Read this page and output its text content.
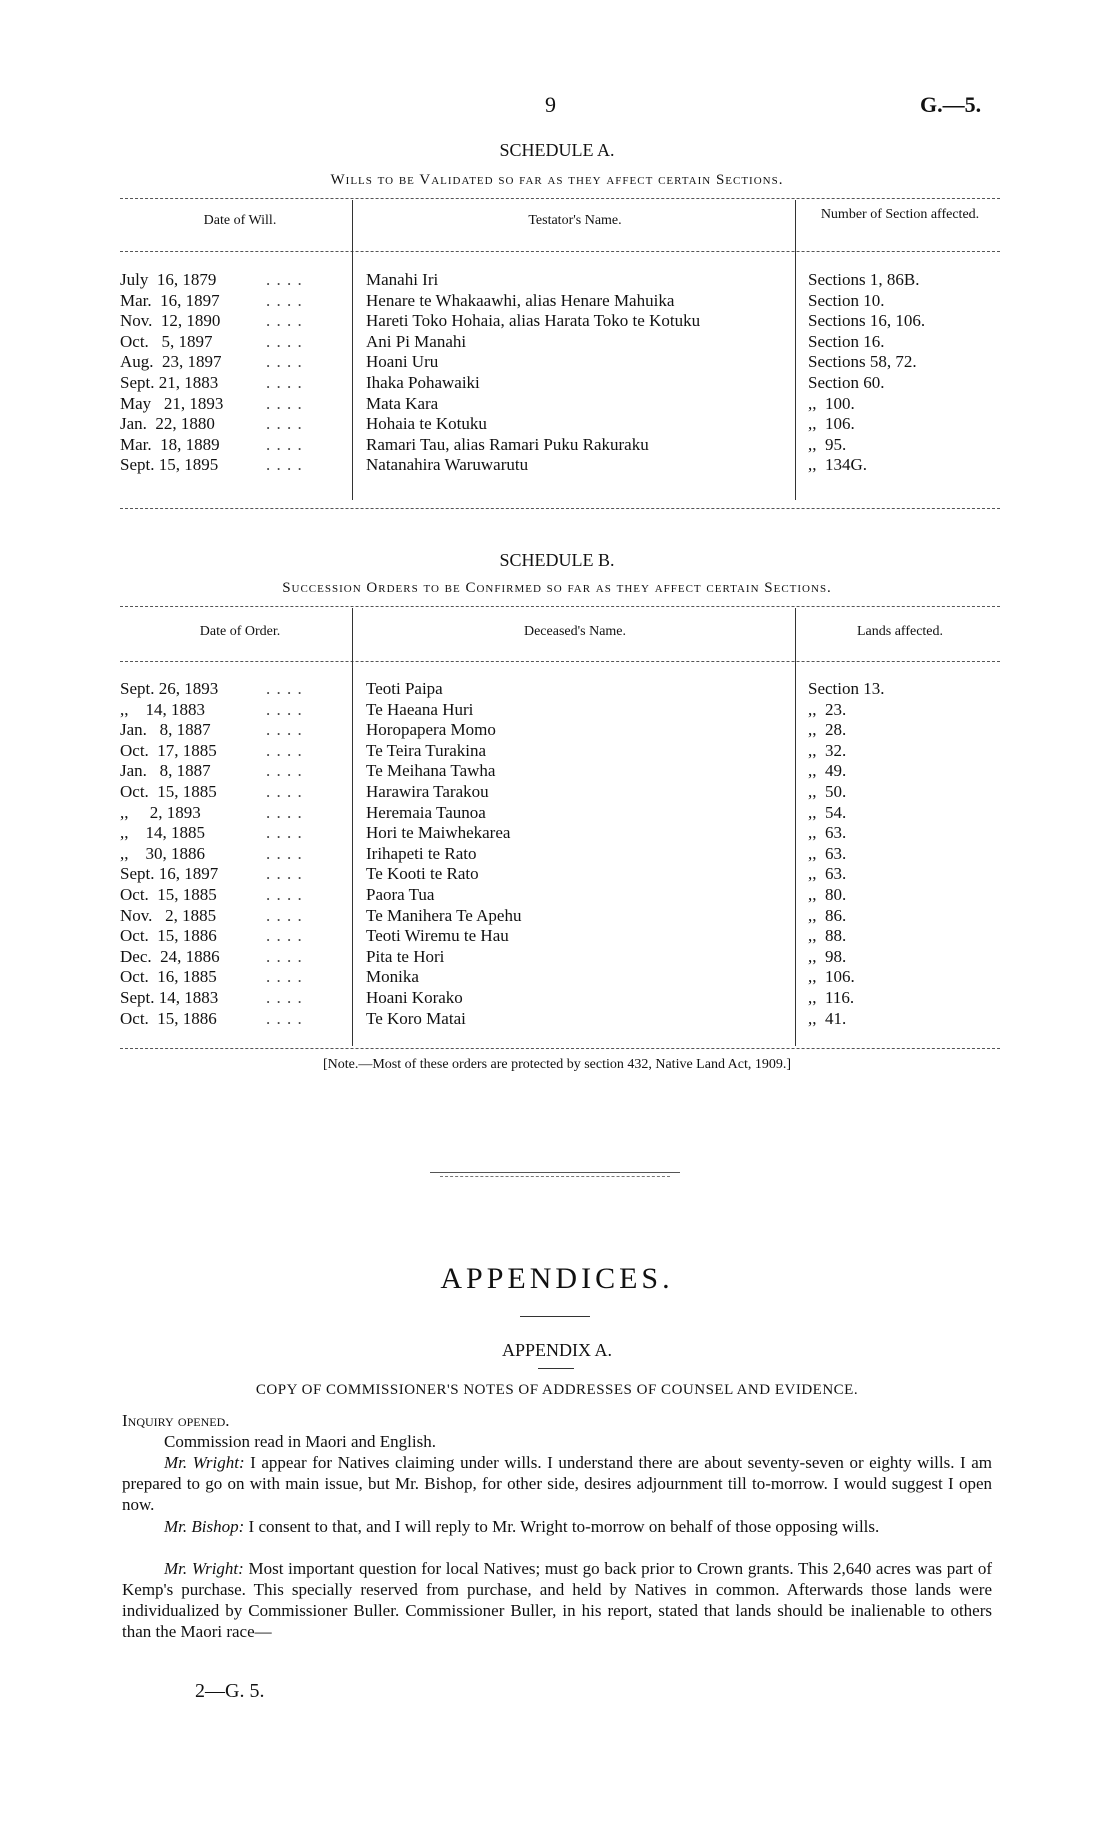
9	G.—5.
SCHEDULE A.
Wills to be Validated so far as they affect certain Sections.
Date of Will.	Testator's Name.	Number of Section affected.
July  16, 1879	Manahi Iri	Sections 1, 86B.
. . . .
Mar.  16, 1897	Henare te Whakaawhi, alias Henare Mahuika	Section 10.
. . . .
Nov.  12, 1890	Hareti Toko Hohaia, alias Harata Toko te Kotuku	Sections 16, 106.
. . . .
Oct.   5, 1897	Ani Pi Manahi	Section 16.
. . . .
Aug.  23, 1897	Hoani Uru	Sections 58, 72.
. . . .
Sept. 21, 1883	Ihaka Pohawaiki	Section 60.
. . . .
May   21, 1893	Mata Kara	,,  100.
. . . .
Jan.  22, 1880	Hohaia te Kotuku	,,  106.
. . . .
Mar.  18, 1889	Ramari Tau, alias Ramari Puku Rakuraku	,,  95.
. . . .
Sept. 15, 1895	Natanahira Waruwarutu	,,  134G.
. . . .
SCHEDULE B.
Succession Orders to be Confirmed so far as they affect certain Sections.
Date of Order.	Deceased's Name.	Lands affected.
Sept. 26, 1893	Teoti Paipa	Section 13.
. . . .
,,    14, 1883	Te Haeana Huri	,,  23.
. . . .
Jan.   8, 1887	Horopapera Momo	,,  28.
. . . .
Oct.  17, 1885	Te Teira Turakina	,,  32.
. . . .
Jan.   8, 1887	Te Meihana Tawha	,,  49.
. . . .
Oct.  15, 1885	Harawira Tarakou	,,  50.
. . . .
,,     2, 1893	Heremaia Taunoa	,,  54.
. . . .
,,    14, 1885	Hori te Maiwhekarea	,,  63.
. . . .
,,    30, 1886	Irihapeti te Rato	,,  63.
. . . .
Sept. 16, 1897	Te Kooti te Rato	,,  63.
. . . .
Oct.  15, 1885	Paora Tua	,,  80.
. . . .
Nov.   2, 1885	Te Manihera Te Apehu	,,  86.
. . . .
Oct.  15, 1886	Teoti Wiremu te Hau	,,  88.
. . . .
Dec.  24, 1886	Pita te Hori	,,  98.
. . . .
Oct.  16, 1885	Monika	,,  106.
. . . .
Sept. 14, 1883	Hoani Korako	,,  116.
. . . .
Oct.  15, 1886	Te Koro Matai	,,  41.
. . . .
[Note.—Most of these orders are protected by section 432, Native Land Act, 1909.]
APPENDICES.
APPENDIX A.
COPY OF COMMISSIONER'S NOTES OF ADDRESSES OF COUNSEL AND EVIDENCE.
Inquiry opened.
Commission read in Maori and English.
Mr. Wright: I appear for Natives claiming under wills. I understand there are about seventy-seven or eighty wills. I am prepared to go on with main issue, but Mr. Bishop, for other side, desires adjournment till to-morrow. I would suggest I open now.
Mr. Bishop: I consent to that, and I will reply to Mr. Wright to-morrow on behalf of those opposing wills.
Mr. Wright: Most important question for local Natives; must go back prior to Crown grants. This 2,640 acres was part of Kemp's purchase. This specially reserved from purchase, and held by Natives in common. Afterwards those lands were individualized by Commissioner Buller. Commissioner Buller, in his report, stated that lands should be inalienable to others than the Maori race—
2—G. 5.
